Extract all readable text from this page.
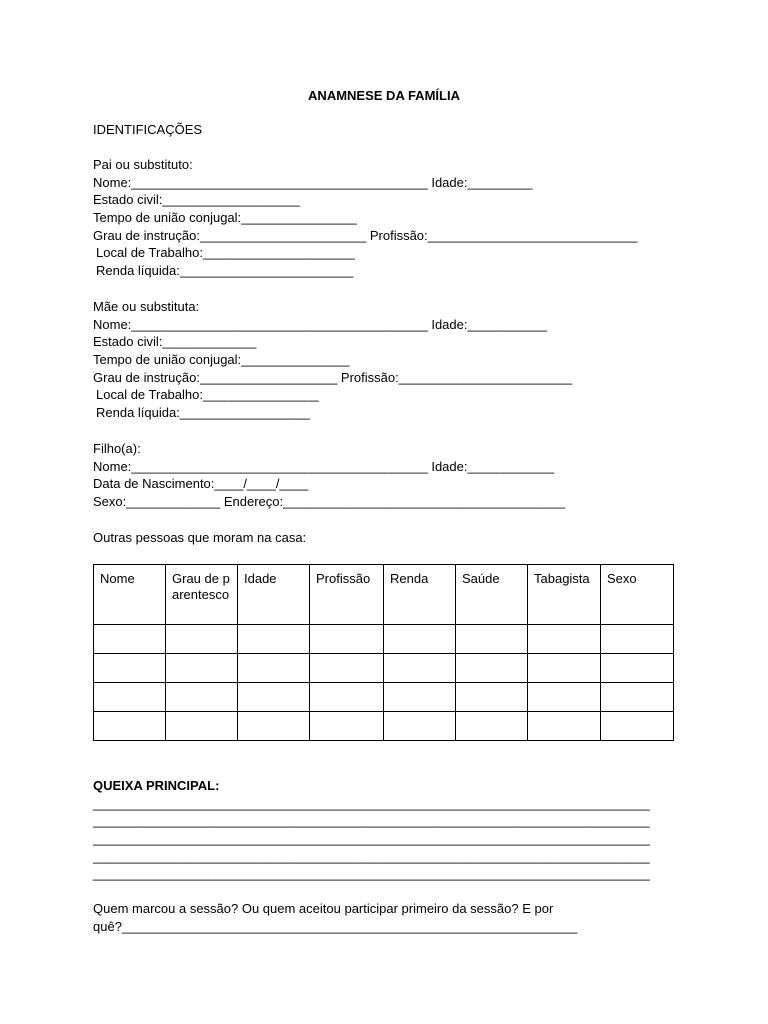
ANAMNESE DA FAMÍLIA
IDENTIFICAÇÕES
Pai ou substituto:
Nome:_________________________________________ Idade:_________
Estado civil:___________________
Tempo de união conjugal:________________
Grau de instrução:_______________________ Profissão:_____________________________
Local de Trabalho:_____________________
Renda líquida:________________________
Mãe ou substituta:
Nome:_________________________________________ Idade:___________
Estado civil:_____________
Tempo de união conjugal:_______________
Grau de instrução:___________________ Profissão:________________________
Local de Trabalho:________________
Renda líquida:__________________
Filho(a):
Nome:_________________________________________ Idade:____________
Data de Nascimento:____/____/____
Sexo:_____________ Endereço:_______________________________________
Outras pessoas que moram na casa:
Nome	Grau de parentesco	Idade	Profissão	Renda	Saúde	Tabagista	Sexo

QUEIXA PRINCIPAL:
_____________________________________________________________________________
_____________________________________________________________________________
_____________________________________________________________________________
_____________________________________________________________________________
_____________________________________________________________________________
Quem marcou a sessão? Ou quem aceitou participar primeiro da sessão? E por
quê?_______________________________________________________________
